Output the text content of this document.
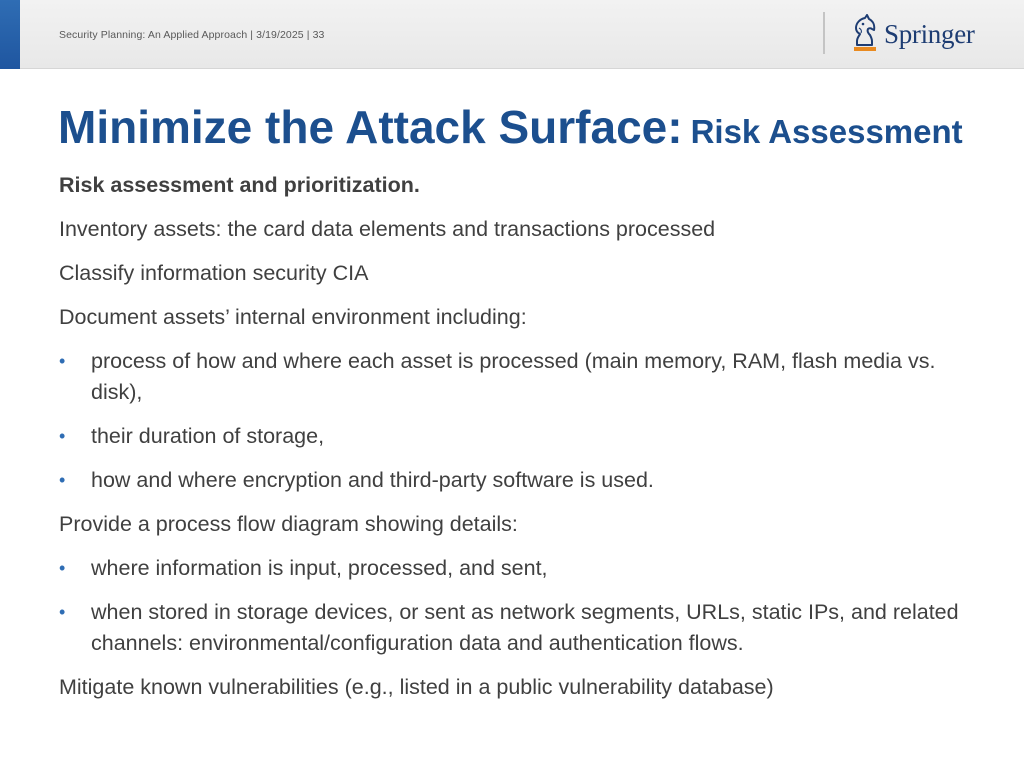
Security Planning: An Applied Approach | 3/19/2025 | 33	Springer
Minimize the Attack Surface: Risk Assessment
Risk assessment and prioritization.
Inventory assets: the card data elements and transactions processed
Classify information security CIA
Document assets’ internal environment including:
• process of how and where each asset is processed (main memory, RAM, flash media vs. disk),
• their duration of storage,
• how and where encryption and third-party software is used.
Provide a process flow diagram showing details:
• where information is input, processed, and sent,
• when stored in storage devices, or sent as network segments, URLs, static IPs, and related channels: environmental/configuration data and authentication flows.
Mitigate known vulnerabilities (e.g., listed in a public vulnerability database)
